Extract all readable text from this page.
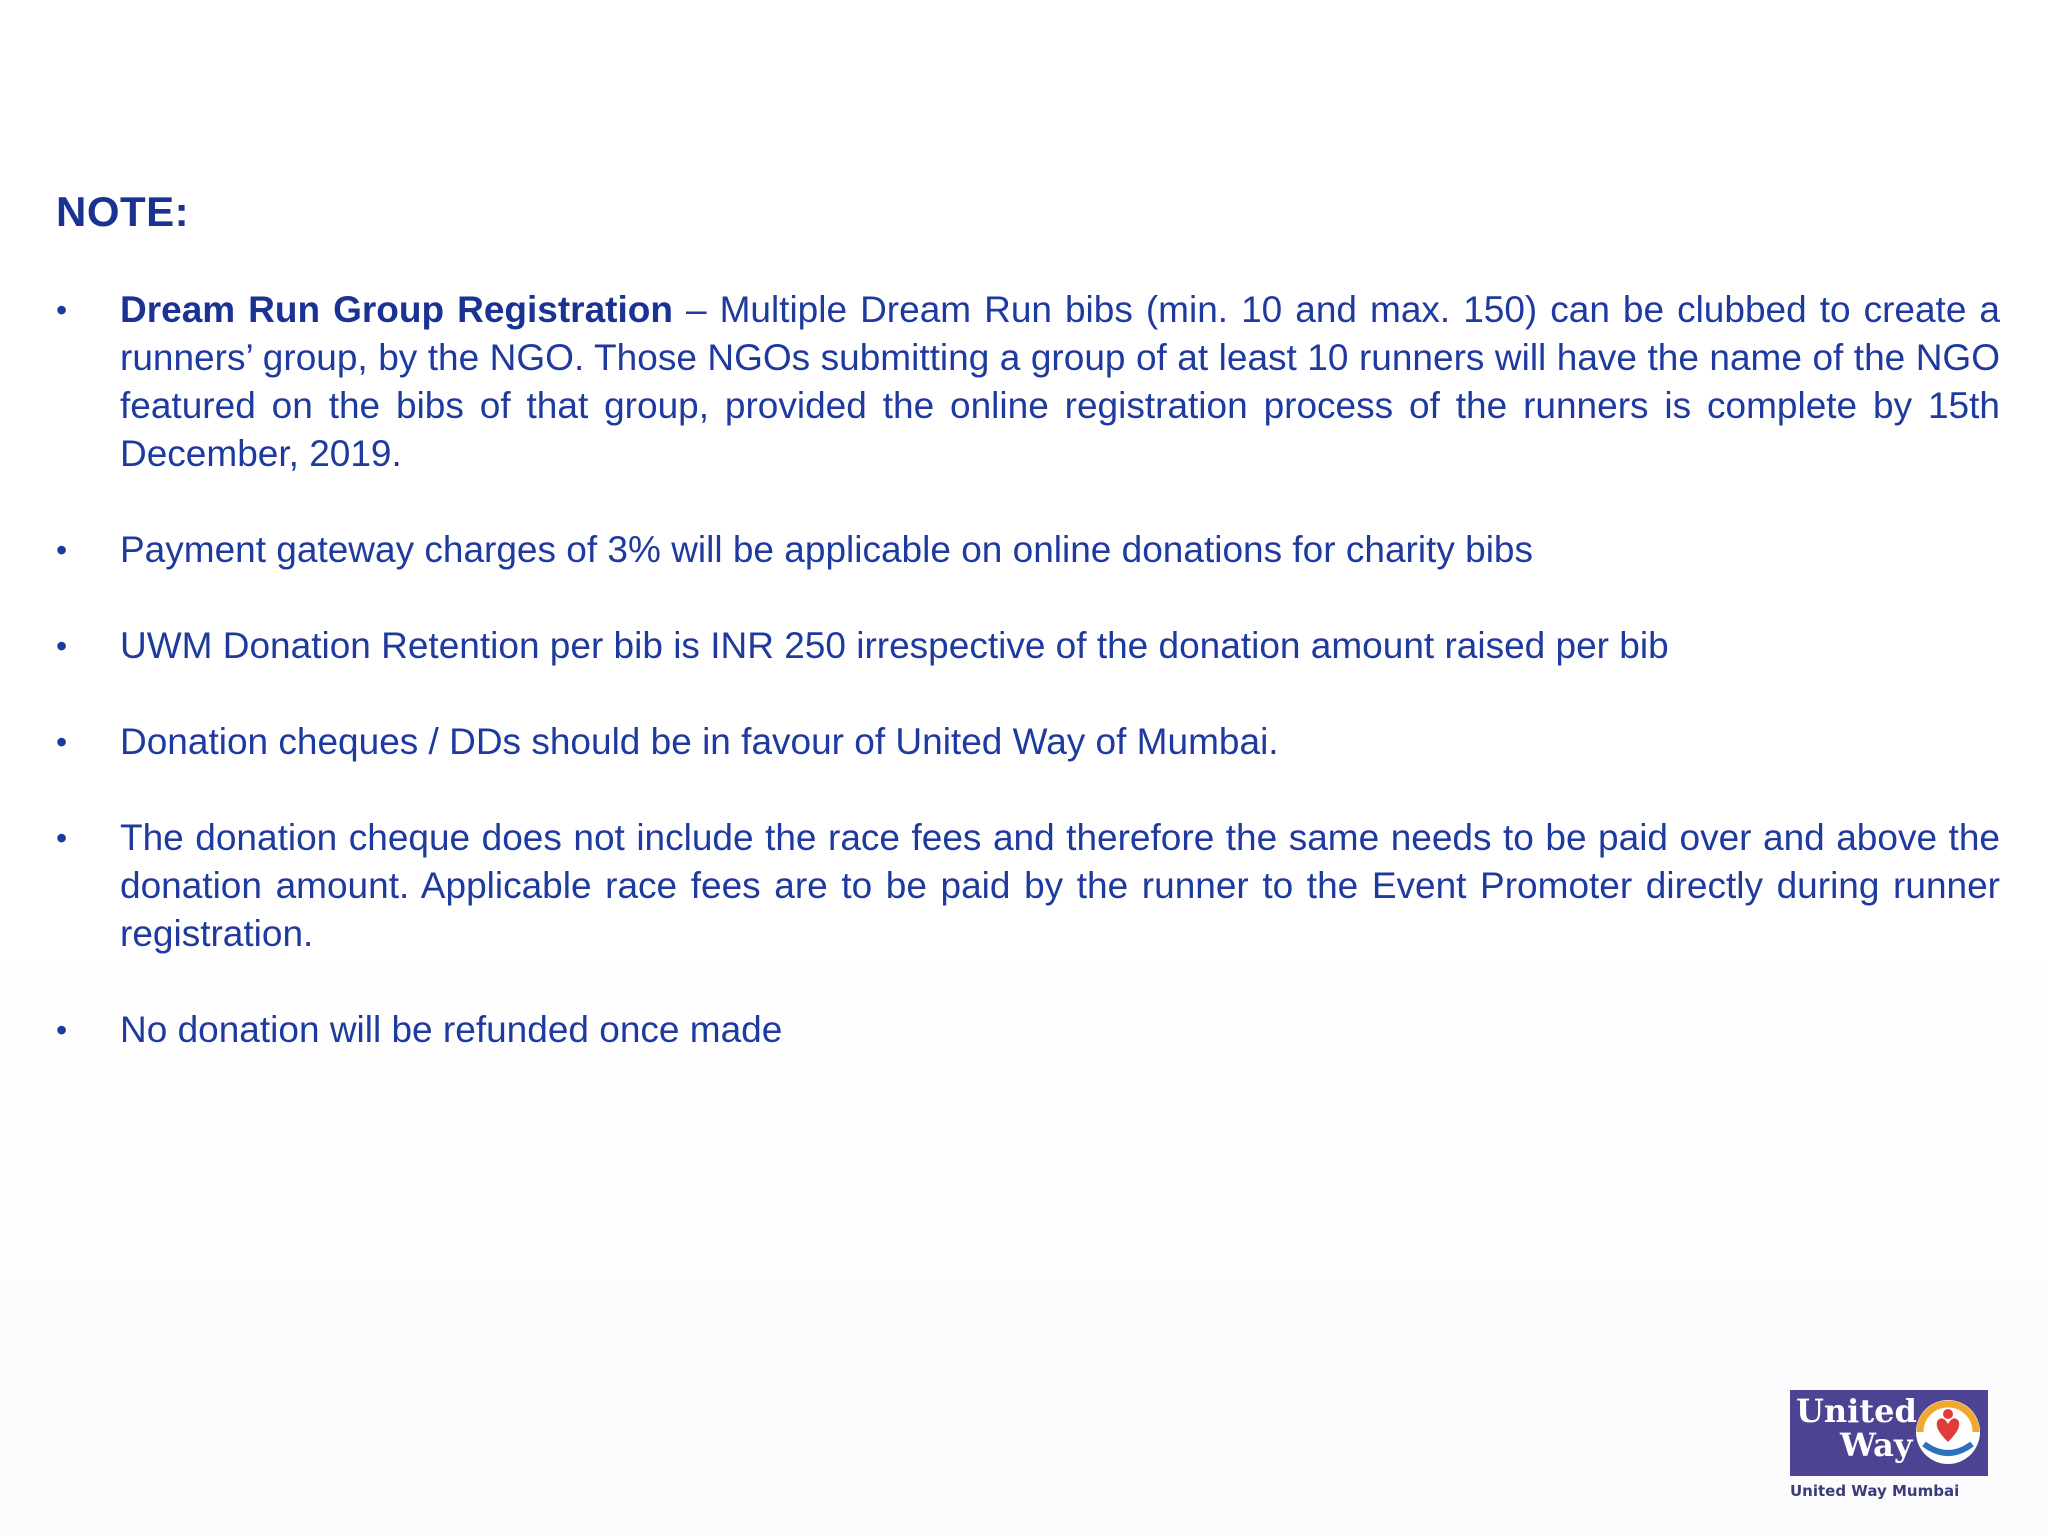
NOTE:
• Dream Run Group Registration – Multiple Dream Run bibs (min. 10 and max. 150) can be clubbed to create a runners’ group, by the NGO. Those NGOs submitting a group of at least 10 runners will have the name of the NGO featured on the bibs of that group, provided the online registration process of the runners is complete by 15th December, 2019.
• Payment gateway charges of 3% will be applicable on online donations for charity bibs
• UWM Donation Retention per bib is INR 250 irrespective of the donation amount raised per bib
• Donation cheques / DDs should be in favour of United Way of Mumbai.
• The donation cheque does not include the race fees and therefore the same needs to be paid over and above the donation amount. Applicable race fees are to be paid by the runner to the Event Promoter directly during runner registration.
• No donation will be refunded once made
United
Way
United Way Mumbai
